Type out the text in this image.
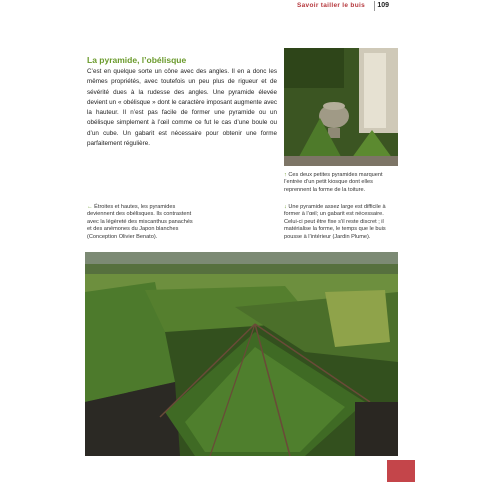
Savoir tailler le buis 109
La pyramide, l’obélisque
C’est en quelque sorte un cône avec des angles. Il en a donc les mêmes propriétés, avec toutefois un peu plus de rigueur et de sévérité dues à la rudesse des angles. Une pyramide élevée devient un « obélisque » dont le caractère imposant augmente avec la hauteur. Il n’est pas facile de former une pyramide ou un obélisque simplement à l’œil comme ce fut le cas d’une boule ou d’un cube. Un gabarit est nécessaire pour obtenir une forme parfaitement régulière.
↑ Ces deux petites pyramides marquent l’entrée d’un petit kiosque dont elles reprennent la forme de la toiture.
← Étroites et hautes, les pyramides deviennent des obélisques. Ils contrastent avec la légèreté des miscanthus panachés et des anémones du Japon blanches (Conception Olivier Benato).
↓ Une pyramide assez large est difficile à former à l’œil; un gabarit est nécessaire. Celui-ci peut être fixe s’il reste discret ; il matérialise la forme, le temps que le buis pousse à l’intérieur (Jardin Plume).
